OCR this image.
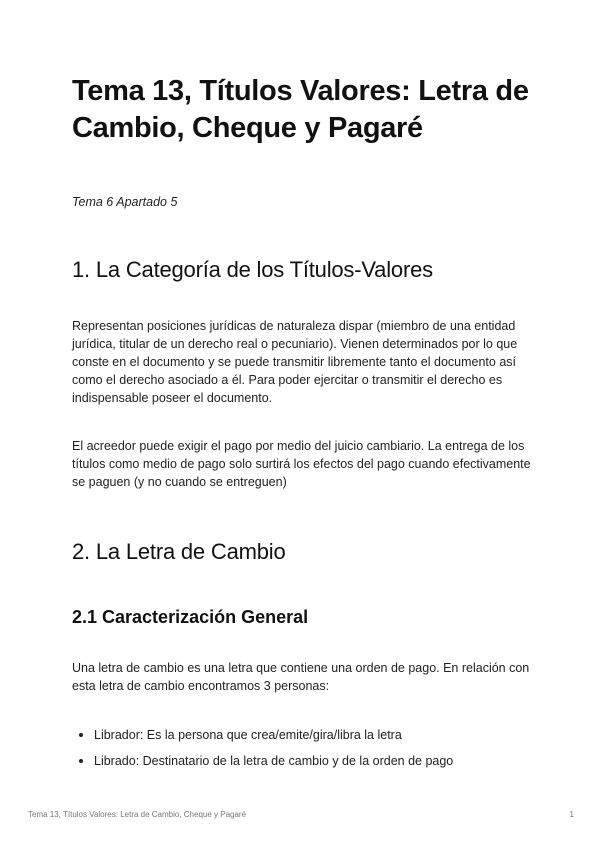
Tema 13, Títulos Valores: Letra de Cambio, Cheque y Pagaré

Tema 6 Apartado 5

1. La Categoría de los Títulos-Valores

Representan posiciones jurídicas de naturaleza dispar (miembro de una entidad jurídica, titular de un derecho real o pecuniario). Vienen determinados por lo que conste en el documento y se puede transmitir libremente tanto el documento así como el derecho asociado a él. Para poder ejercitar o transmitir el derecho es indispensable poseer el documento.

El acreedor puede exigir el pago por medio del juicio cambiario. La entrega de los títulos como medio de pago solo surtirá los efectos del pago cuando efectivamente se paguen (y no cuando se entreguen)

2. La Letra de Cambio
2.1 Caracterización General

Una letra de cambio es una letra que contiene una orden de pago. En relación con esta letra de cambio encontramos 3 personas:

Librador: Es la persona que crea/emite/gira/libra la letra
Librado: Destinatario de la letra de cambio y de la orden de pago
Tema 13, Títulos Valores: Letra de Cambio, Cheque y Pagaré	1
